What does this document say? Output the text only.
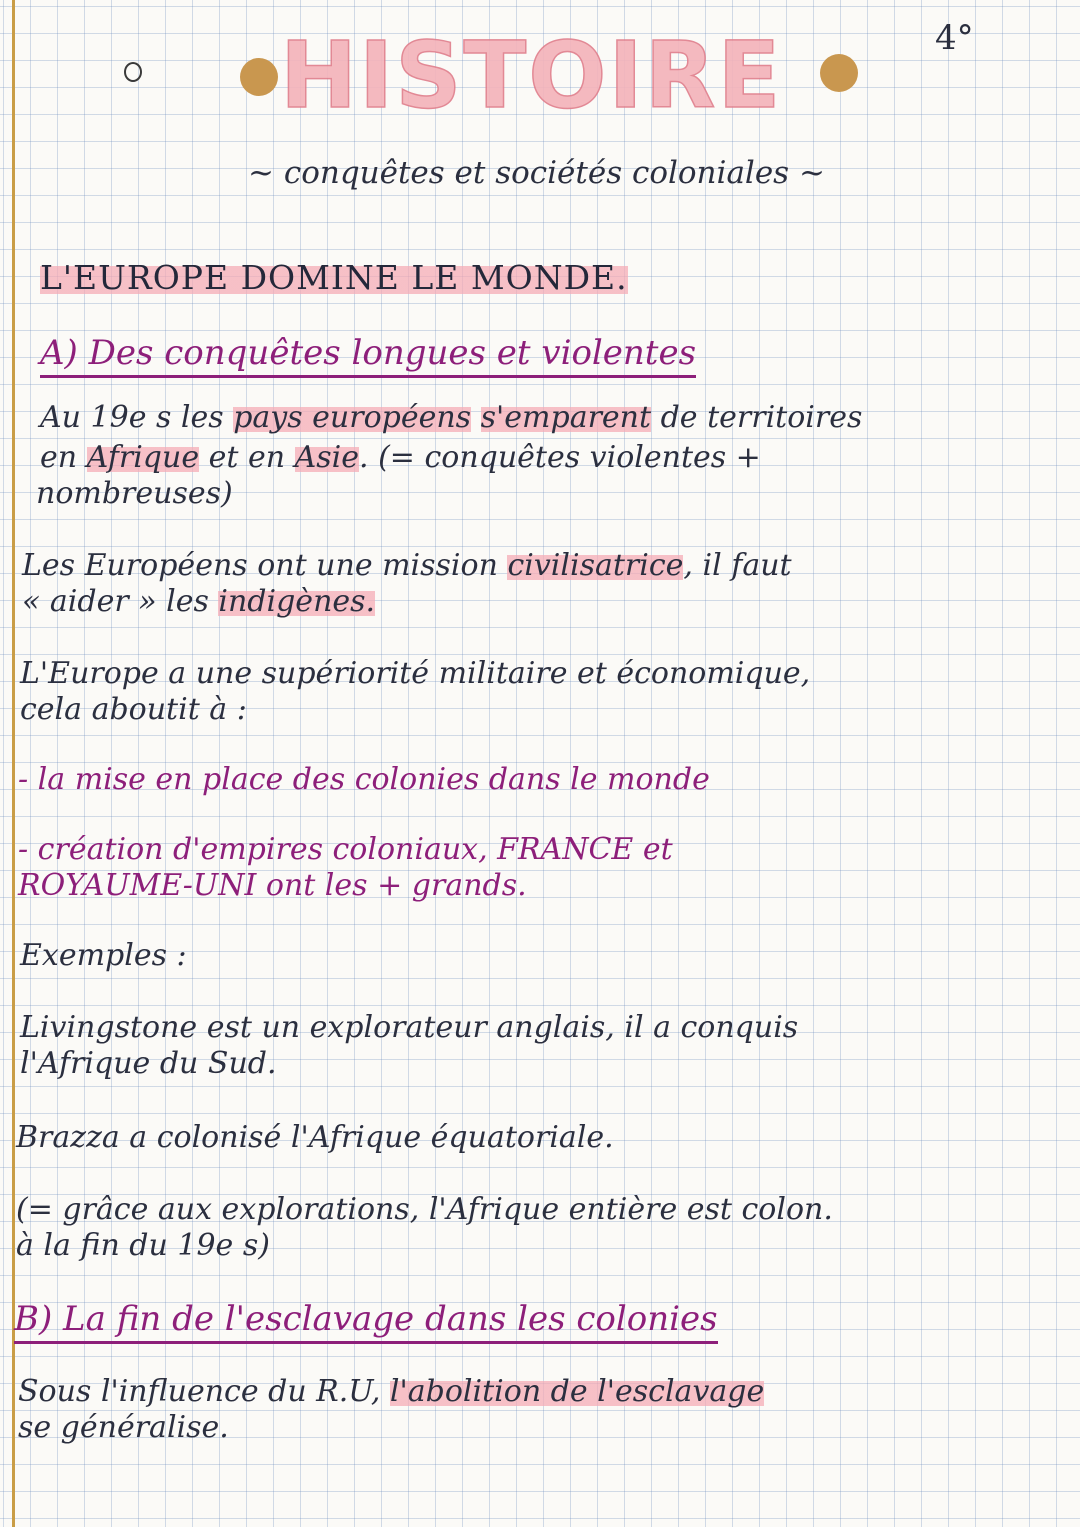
HISTOIRE	4°
~ conquêtes et sociétés coloniales ~
L'EUROPE DOMINE LE MONDE.
A) Des conquêtes longues et violentes
Au 19e s les pays européens s'emparent de territoires
en Afrique et en Asie. (= conquêtes violentes +
nombreuses)
Les Européens ont une mission civilisatrice, il faut
« aider » les indigènes.
L'Europe a une supériorité militaire et économique,
cela aboutit à :
- la mise en place des colonies dans le monde
- création d'empires coloniaux, FRANCE et
ROYAUME-UNI ont les + grands.
Exemples :
Livingstone est un explorateur anglais, il a conquis
l'Afrique du Sud.
Brazza a colonisé l'Afrique équatoriale.
(= grâce aux explorations, l'Afrique entière est colon.
à la fin du 19e s)
B) La fin de l'esclavage dans les colonies
Sous l'influence du R.U, l'abolition de l'esclavage
se généralise.
